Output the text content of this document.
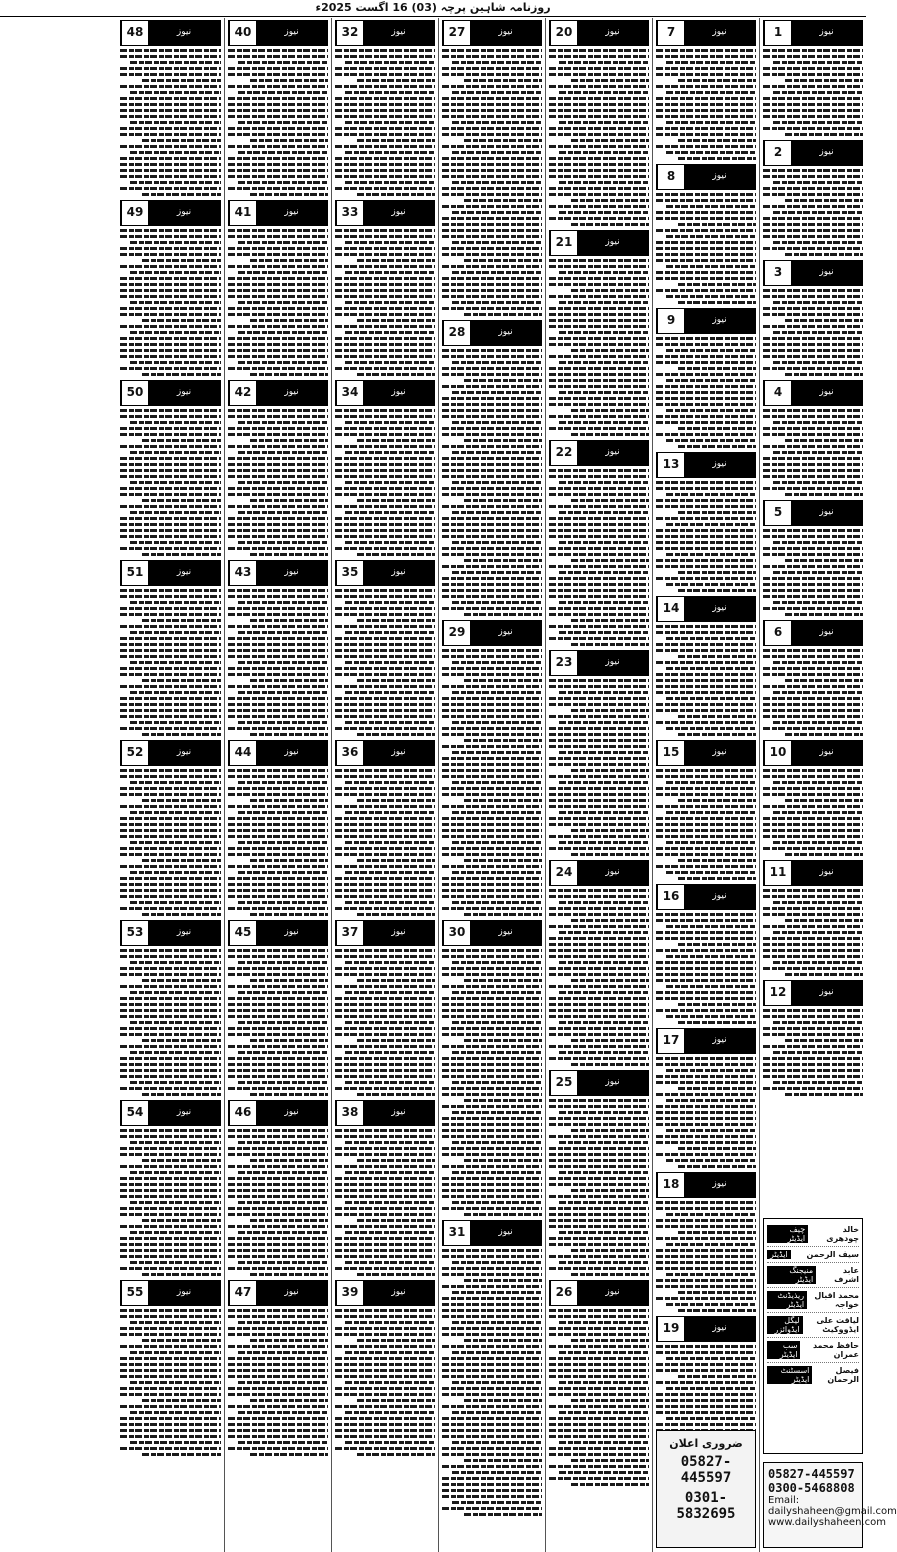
روزنامہ شاہین پرچہ (03) 16 اگست 2025ء
نیوز
1
نیوز
2
نیوز
3
نیوز
4
نیوز
5
نیوز
6
نیوز
10
نیوز
11
نیوز
12
چیف ایڈیٹر
خالد چودھری
ایڈیٹر	سیف الرحمن
منیجنگ ایڈیٹر
عابد اشرف
ریذیڈنٹ ایڈیٹر
محمد اقبال خواجہ
لیگل ایڈوائزر
لیاقت علی ایڈووکیٹ
سب ایڈیٹر
حافظ محمد عمران
اسسٹنٹ ایڈیٹر
فیصل الرحمان
05827-445597
0300-5468808
Email: dailyshaheen@gmail.com
www.dailyshaheen.com
نیوز
7
نیوز
8
نیوز
9
نیوز
13
نیوز
14
نیوز
15
نیوز
16
نیوز
17
نیوز
18
نیوز
19
ضروری اعلان
05827-445597
0301-5832695
نیوز
20
نیوز
21
نیوز
22
نیوز
23
نیوز
24
نیوز
25
نیوز
26
نیوز
27
نیوز
28
نیوز
29
نیوز
30
نیوز
31
نیوز
32
نیوز
33
نیوز
34
نیوز
35
نیوز
36
نیوز
37
نیوز
38
نیوز
39
نیوز
40
نیوز
41
نیوز
42
نیوز
43
نیوز
44
نیوز
45
نیوز
46
نیوز
47
نیوز
48
نیوز
49
نیوز
50
نیوز
51
نیوز
52
نیوز
53
نیوز
54
نیوز
55
